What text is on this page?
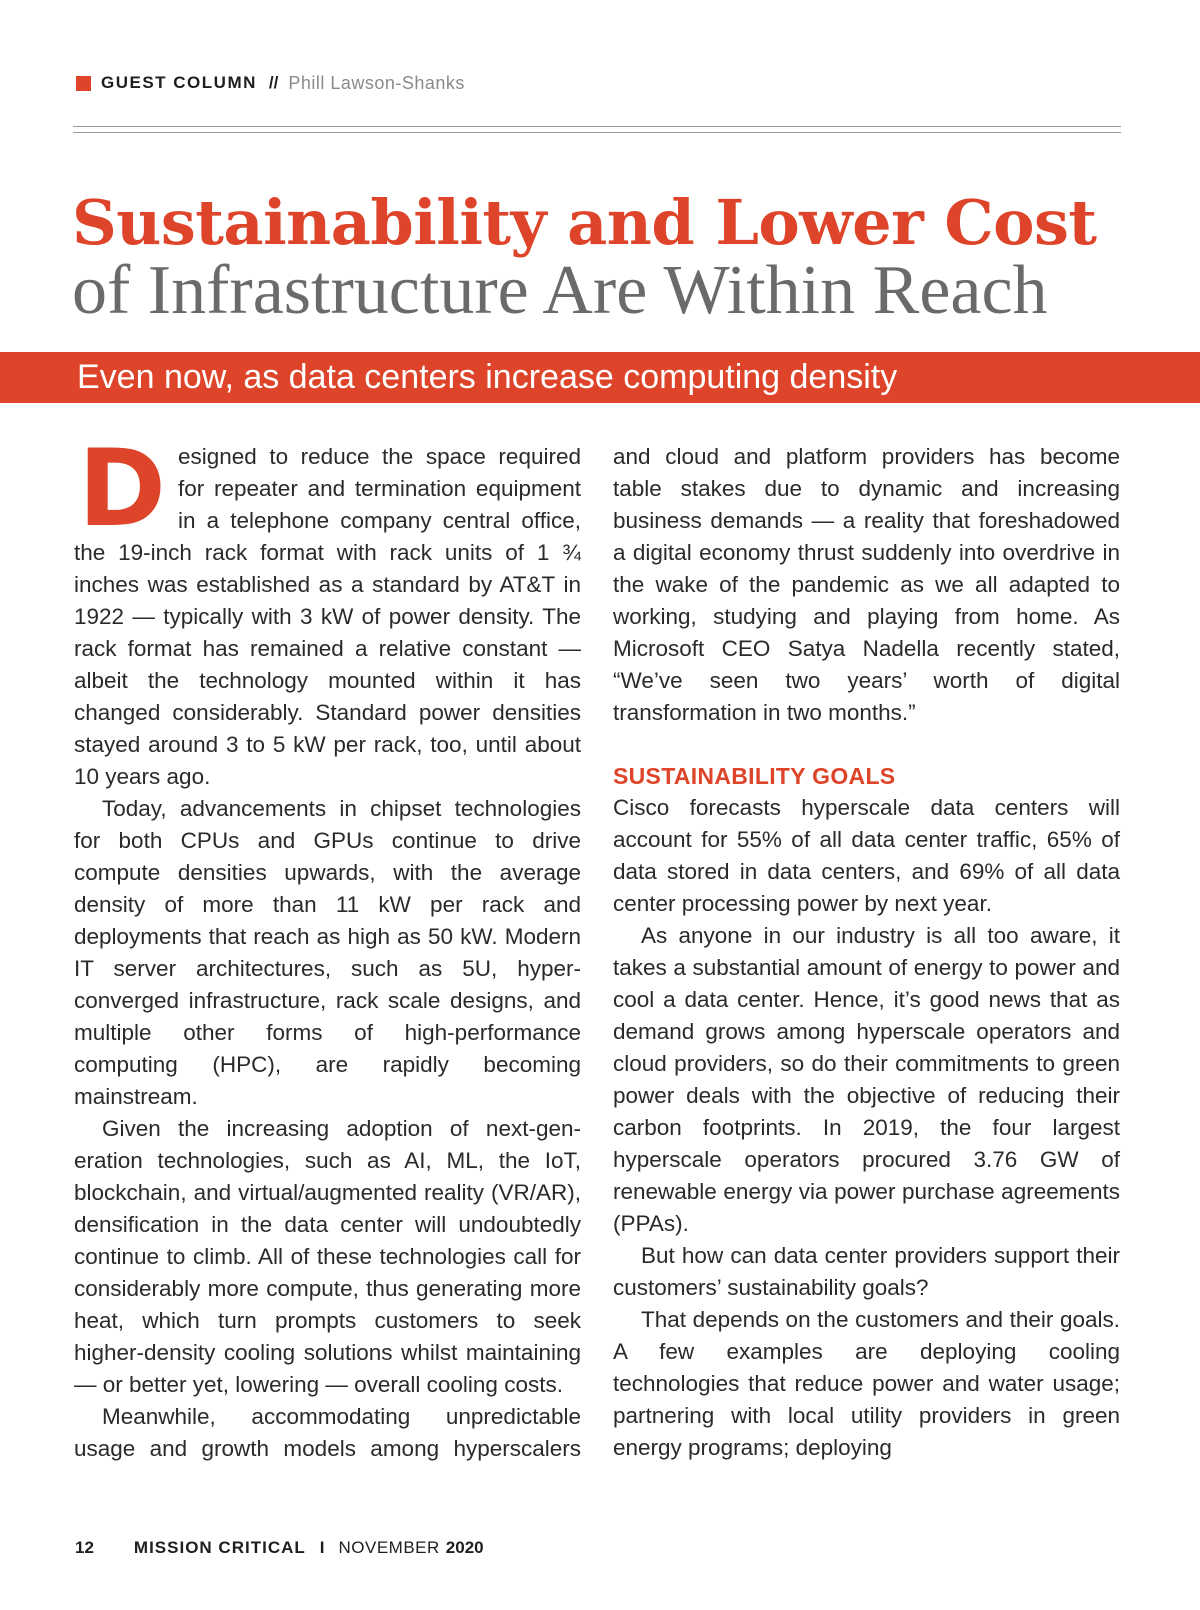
GUEST COLUMN // Phill Lawson-Shanks
Sustainability and Lower Cost
of Infrastructure Are Within Reach
Even now, as data centers increase computing density

Designed to reduce the space required for repeater and termination equipment in a telephone company central office, the 19-inch rack format with rack units of 1 ¾ inches was established as a standard by AT&T in 1922 — typically with 3 kW of power density. The rack format has remained a relative constant — albeit the technology mounted within it has changed considerably. Standard power densities stayed around 3 to 5 kW per rack, too, until about 10 years ago.

Today, advancements in chipset technologies for both CPUs and GPUs continue to drive compute densities upwards, with the average density of more than 11 kW per rack and deployments that reach as high as 50 kW. Modern IT server architectures, such as 5U, hyper-converged infrastructure, rack scale designs, and multiple other forms of high-performance computing (HPC), are rapidly becoming mainstream.

Given the increasing adoption of next-generation technologies, such as AI, ML, the IoT, blockchain, and virtual/augmented reality (VR/AR), densification in the data center will undoubtedly continue to climb. All of these technologies call for considerably more compute, thus generating more heat, which turn prompts customers to seek higher-density cooling solutions whilst maintaining — or better yet, lowering — overall cooling costs.

Meanwhile, accommodating unpredictable usage and growth models among hyperscalers

and cloud and platform providers has become table stakes due to dynamic and increasing business demands — a reality that foreshadowed a digital economy thrust suddenly into overdrive in the wake of the pandemic as we all adapted to working, studying and playing from home. As Microsoft CEO Satya Nadella recently stated, “We’ve seen two years’ worth of digital transformation in two months.”

SUSTAINABILITY GOALS

Cisco forecasts hyperscale data centers will account for 55% of all data center traffic, 65% of data stored in data centers, and 69% of all data center processing power by next year.

As anyone in our industry is all too aware, it takes a substantial amount of energy to power and cool a data center. Hence, it’s good news that as demand grows among hyperscale operators and cloud providers, so do their commitments to green power deals with the objective of reducing their carbon footprints. In 2019, the four largest hyperscale operators procured 3.76 GW of renewable energy via power purchase agreements (PPAs).

But how can data center providers support their customers’ sustainability goals?

That depends on the customers and their goals. A few examples are deploying cooling technologies that reduce power and water usage; partnering with local utility providers in green energy programs; deploying

12 MISSION CRITICAL I NOVEMBER 2020
